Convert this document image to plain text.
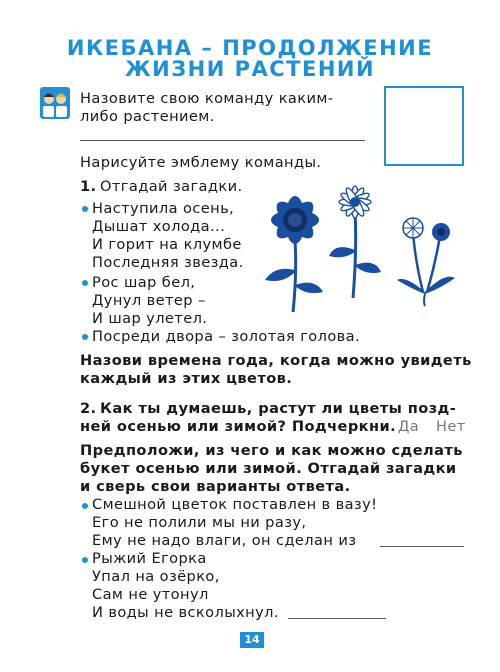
ИКЕБАНА – ПРОДОЛЖЕНИЕ
ЖИЗНИ РАСТЕНИЙ
Назовите свою команду каким-
либо растением.
Нарисуйте эмблему команды.
1. Отгадай загадки.
Наступила осень,
Дышат холода...
И горит на клумбе
Последняя звезда.
Рос шар бел,
Дунул ветер –
И шар улетел.
Посреди двора – золотая голова.
Назови времена года, когда можно увидеть
каждый из этих цветов.
2. Как ты думаешь, растут ли цветы позд-
ней осенью или зимой? Подчеркни. Да Нет
Предположи, из чего и как можно сделать
букет осенью или зимой. Отгадай загадки
и сверь свои варианты ответа.
Смешной цветок поставлен в вазу!
Его не полили мы ни разу,
Ему не надо влаги, он сделан из
Рыжий Егорка
Упал на озёрко,
Сам не утонул
И воды не всколыхнул.
14
